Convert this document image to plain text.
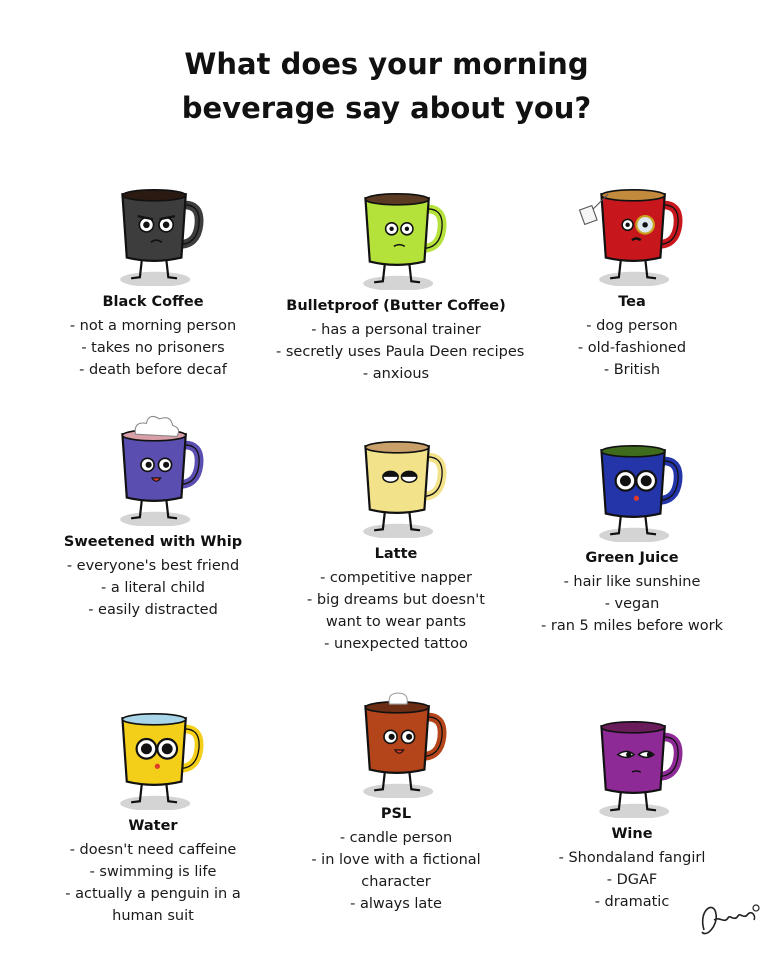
What does your morning
beverage say about you?
Black Coffee
- not a morning person
- takes no prisoners
- death before decaf
Bulletproof (Butter Coffee)
- has a personal trainer
- secretly uses Paula Deen recipes
- anxious
Tea
- dog person
- old-fashioned
- British
Sweetened with Whip
- everyone's best friend
- a literal child
- easily distracted
Latte
- competitive napper
- big dreams but doesn't
want to wear pants
- unexpected tattoo
Green Juice
- hair like sunshine
- vegan
- ran 5 miles before work
Water
- doesn't need caffeine
- swimming is life
- actually a penguin in a
human suit
PSL
- candle person
- in love with a fictional
character
- always late
Wine
- Shondaland fangirl
- DGAF
- dramatic
